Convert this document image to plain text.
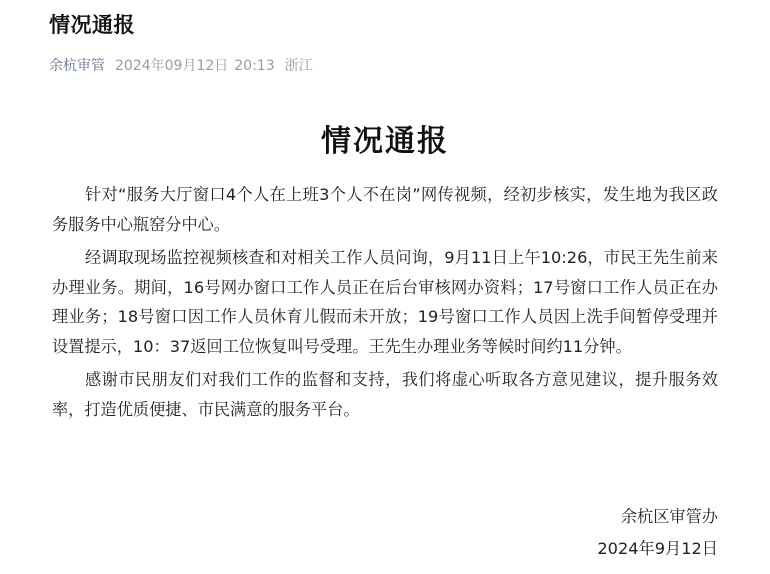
情况通报
余杭审管 2024年09月12日 20:13 浙江
情况通报

针对“服务大厅窗口4个人在上班3个人不在岗”网传视频，经初步核实，发生地为我区政务服务中心瓶窑分中心。

经调取现场监控视频核查和对相关工作人员问询，9月11日上午10:26，市民王先生前来办理业务。期间，16号网办窗口工作人员正在后台审核网办资料；17号窗口工作人员正在办理业务；18号窗口因工作人员休育儿假而未开放；19号窗口工作人员因上洗手间暂停受理并设置提示，10：37返回工位恢复叫号受理。王先生办理业务等候时间约11分钟。

感谢市民朋友们对我们工作的监督和支持，我们将虚心听取各方意见建议，提升服务效率，打造优质便捷、市民满意的服务平台。

余杭区审管办
2024年9月12日
